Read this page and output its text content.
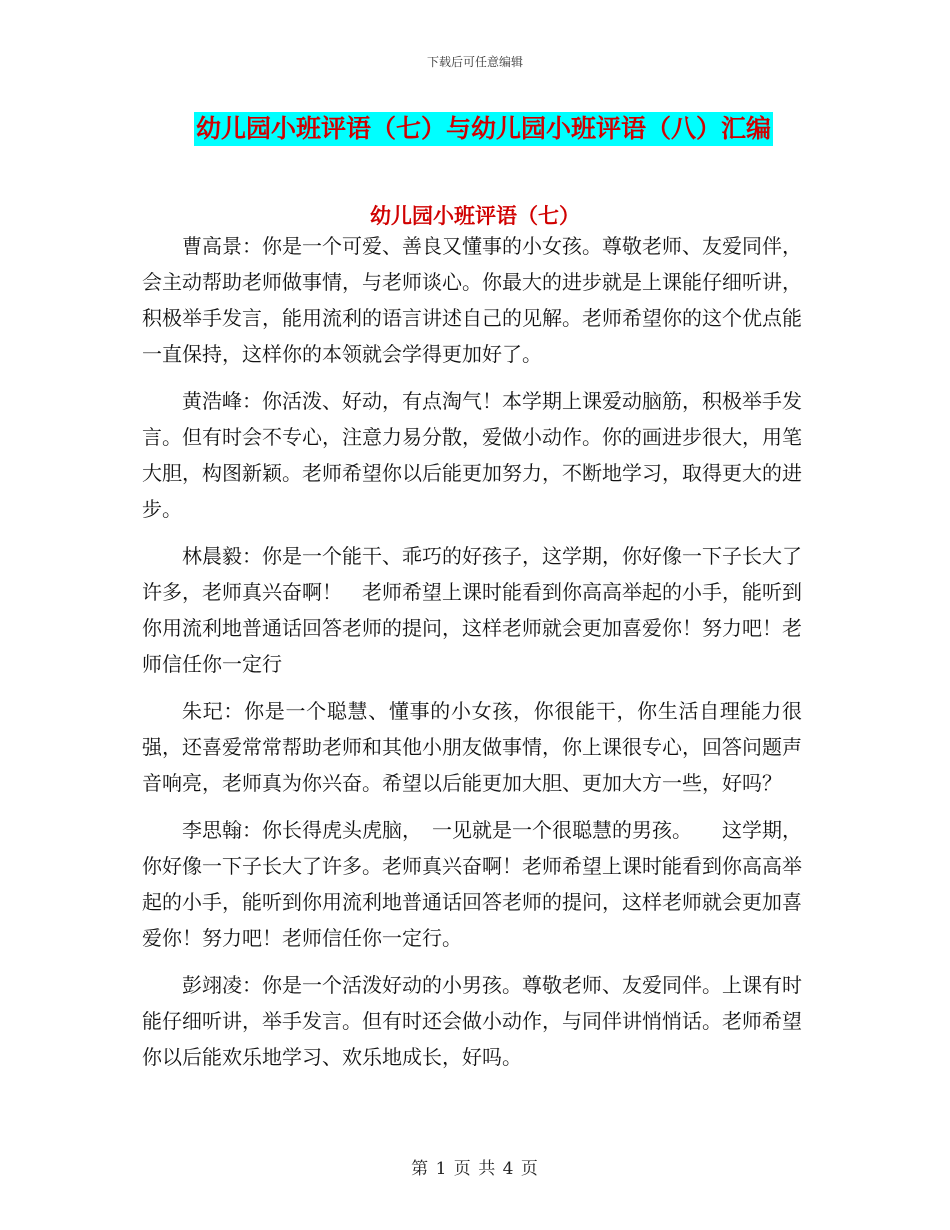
下载后可任意编辑
幼儿园小班评语（七）与幼儿园小班评语（八）汇编
幼儿园小班评语（七）

曹高景：你是一个可爱、善良又懂事的小女孩。尊敬老师、友爱同伴，会主动帮助老师做事情，与老师谈心。你最大的进步就是上课能仔细听讲，积极举手发言，能用流利的语言讲述自己的见解。老师希望你的这个优点能一直保持，这样你的本领就会学得更加好了。

黄浩峰：你活泼、好动，有点淘气！本学期上课爱动脑筋，积极举手发言。但有时会不专心，注意力易分散，爱做小动作。你的画进步很大，用笔大胆，构图新颖。老师希望你以后能更加努力，不断地学习，取得更大的进步。

林晨毅：你是一个能干、乖巧的好孩子，这学期，你好像一下子长大了许多，老师真兴奋啊！　老师希望上课时能看到你高高举起的小手，能听到你用流利地普通话回答老师的提问，这样老师就会更加喜爱你！努力吧！老师信任你一定行

朱玘：你是一个聪慧、懂事的小女孩，你很能干，你生活自理能力很强，还喜爱常常帮助老师和其他小朋友做事情，你上课很专心，回答问题声音响亮，老师真为你兴奋。希望以后能更加大胆、更加大方一些，好吗？

李思翰：你长得虎头虎脑，　一见就是一个很聪慧的男孩。　　这学期，你好像一下子长大了许多。老师真兴奋啊！老师希望上课时能看到你高高举起的小手，能听到你用流利地普通话回答老师的提问，这样老师就会更加喜爱你！努力吧！老师信任你一定行。

彭翊凌：你是一个活泼好动的小男孩。尊敬老师、友爱同伴。上课有时能仔细听讲，举手发言。但有时还会做小动作，与同伴讲悄悄话。老师希望你以后能欢乐地学习、欢乐地成长，好吗。

第 1 页 共 4 页
